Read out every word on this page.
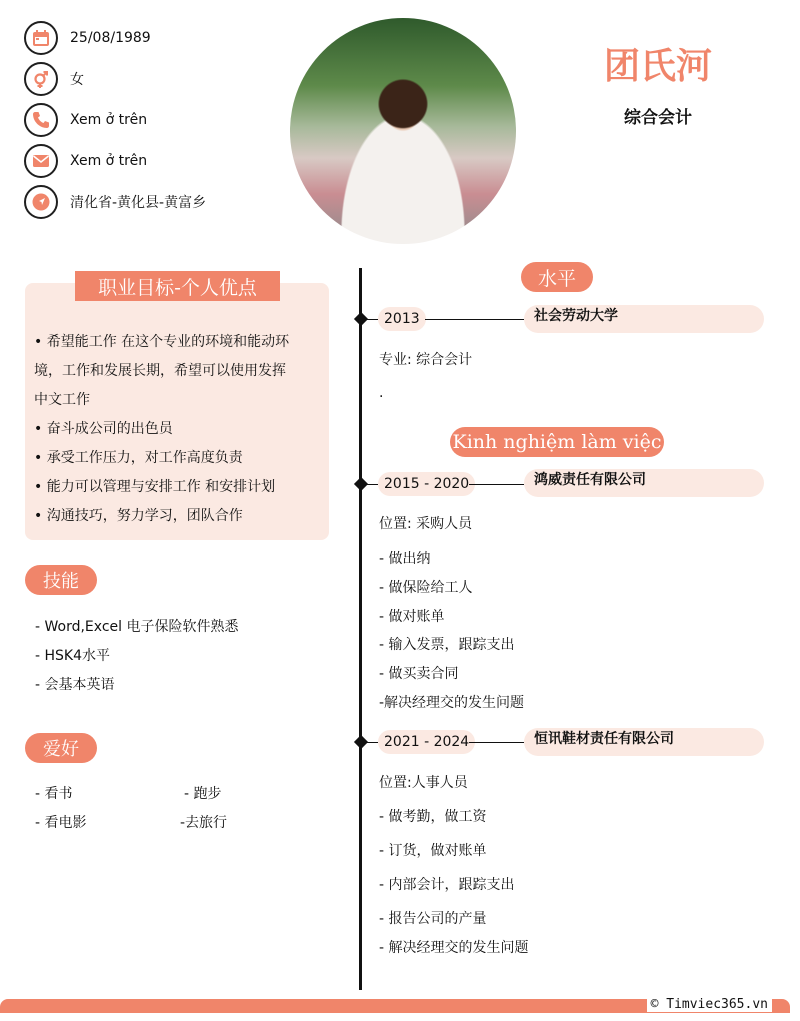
25/08/1989
女
Xem ở trên
Xem ở trên
清化省-黄化县-黄富乡
团氏河
综合会计
职业目标-个人优点
• 希望能工作 在这个专业的环境和能动环
境，工作和发展长期，希望可以使用发挥
中文工作
• 奋斗成公司的出色员
• 承受工作压力，对工作高度负责
• 能力可以管理与安排工作 和安排计划
• 沟通技巧，努力学习，团队合作
技能
- Word,Excel 电子保险软件熟悉
- HSK4水平
- 会基本英语
爱好
- 看书	- 跑步
- 看电影	-去旅行
水平
2013	社会劳动大学
专业: 综合会计
.
Kinh nghiệm làm việc
2015 - 2020	鸿威责任有限公司
位置: 采购人员
- 做出纳
- 做保险给工人
- 做对账单
- 输入发票，跟踪支出
- 做买卖合同
-解决经理交的发生问题
2021 - 2024	恒讯鞋材责任有限公司
位置:人事人员
- 做考勤，做工资
- 订货，做对账单
- 内部会计，跟踪支出
- 报告公司的产量
- 解决经理交的发生问题
© Timviec365.vn
